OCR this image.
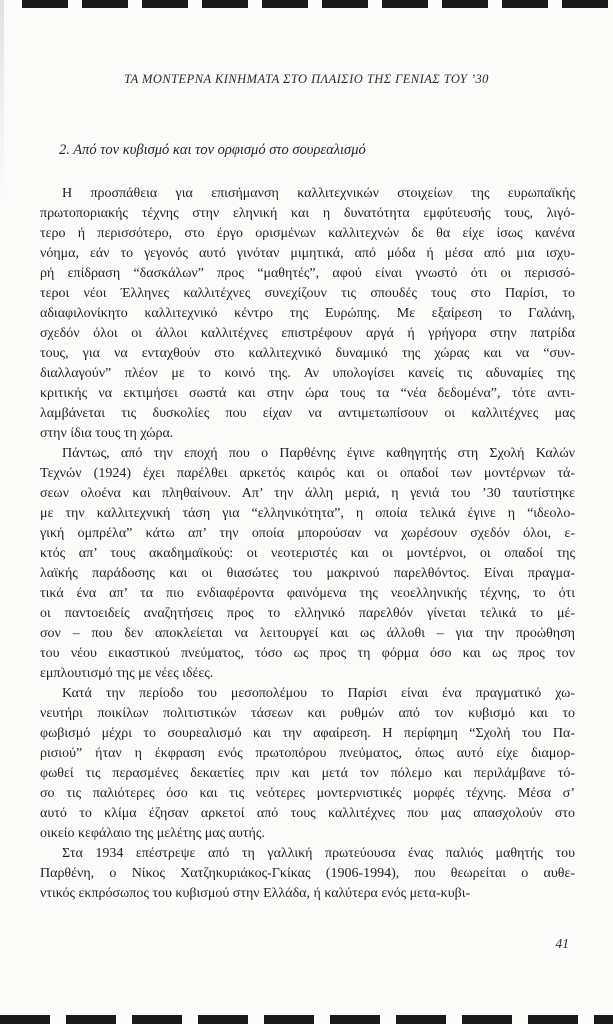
ΤΑ ΜΟΝΤΕΡΝΑ ΚΙΝΗΜΑΤΑ ΣΤΟ ΠΛΑΙΣΙΟ ΤΗΣ ΓΕΝΙΑΣ ΤΟΥ ’30
2. Από τον κυβισμό και τον ορφισμό στο σουρεαλισμό
Η προσπάθεια για επισήμανση καλλιτεχνικών στοιχείων της ευρωπαϊκής
πρωτοποριακής τέχνης στην εληνική και η δυνατότητα εμφύτευσής τους, λιγό-
τερο ή περισσότερο, στο έργο ορισμένων καλλιτεχνών δε θα είχε ίσως κανένα
νόημα, εάν το γεγονός αυτό γινόταν μιμητικά, από μόδα ή μέσα από μια ισχυ-
ρή επίδραση “δασκάλων” προς “μαθητές”, αφού είναι γνωστό ότι οι περισσό-
τεροι νέοι Έλληνες καλλιτέχνες συνεχίζουν τις σπουδές τους στο Παρίσι, το
αδιαφιλονίκητο καλλιτεχνικό κέντρο της Ευρώπης. Με εξαίρεση το Γαλάνη,
σχεδόν όλοι οι άλλοι καλλιτέχνες επιστρέφουν αργά ή γρήγορα στην πατρίδα
τους, για να ενταχθούν στο καλλιτεχνικό δυναμικό της χώρας και να “συν-
διαλλαγούν” πλέον με το κοινό της. Αν υπολογίσει κανείς τις αδυναμίες της
κριτικής να εκτιμήσει σωστά και στην ώρα τους τα “νέα δεδομένα”, τότε αντι-
λαμβάνεται τις δυσκολίες που είχαν να αντιμετωπίσουν οι καλλιτέχνες μας
στην ίδια τους τη χώρα.
Πάντως, από την εποχή που ο Παρθένης έγινε καθηγητής στη Σχολή Καλών
Τεχνών (1924) έχει παρέλθει αρκετός καιρός και οι οπαδοί των μοντέρνων τά-
σεων ολοένα και πληθαίνουν. Απ’ την άλλη μεριά, η γενιά του ’30 ταυτίστηκε
με την καλλιτεχνική τάση για “ελληνικότητα”, η οποία τελικά έγινε η “ιδεολο-
γική ομπρέλα” κάτω απ’ την οποία μπορούσαν να χωρέσουν σχεδόν όλοι, ε-
κτός απ’ τους ακαδημαϊκούς: οι νεοτεριστές και οι μοντέρνοι, οι οπαδοί της
λαϊκής παράδοσης και οι θιασώτες του μακρινού παρελθόντος. Είναι πραγμα-
τικά ένα απ’ τα πιο ενδιαφέροντα φαινόμενα της νεοελληνικής τέχνης, το ότι
οι παντοειδείς αναζητήσεις προς το ελληνικό παρελθόν γίνεται τελικά το μέ-
σον – που δεν αποκλείεται να λειτουργεί και ως άλλοθι – για την προώθηση
του νέου εικαστικού πνεύματος, τόσο ως προς τη φόρμα όσο και ως προς τον
εμπλουτισμό της με νέες ιδέες.
Κατά την περίοδο του μεσοπολέμου το Παρίσι είναι ένα πραγματικό χω-
νευτήρι ποικίλων πολιτιστικών τάσεων και ρυθμών από τον κυβισμό και το
φωβισμό μέχρι το σουρεαλισμό και την αφαίρεση. Η περίφημη “Σχολή του Πα-
ρισιού” ήταν η έκφραση ενός πρωτοπόρου πνεύματος, όπως αυτό είχε διαμορ-
φωθεί τις περασμένες δεκαετίες πριν και μετά τον πόλεμο και περιλάμβανε τό-
σο τις παλιότερες όσο και τις νεότερες μοντερνιστικές μορφές τέχνης. Μέσα σ’
αυτό το κλίμα έζησαν αρκετοί από τους καλλιτέχνες που μας απασχολούν στο
οικείο κεφάλαιο της μελέτης μας αυτής.
Στα 1934 επέστρεψε από τη γαλλική πρωτεύουσα ένας παλιός μαθητής του
Παρθένη, ο Νίκος Χατζηκυριάκος-Γκίκας (1906-1994), που θεωρείται ο αυθε-
ντικός εκπρόσωπος του κυβισμού στην Ελλάδα, ή καλύτερα ενός μετα-κυβι-
41
